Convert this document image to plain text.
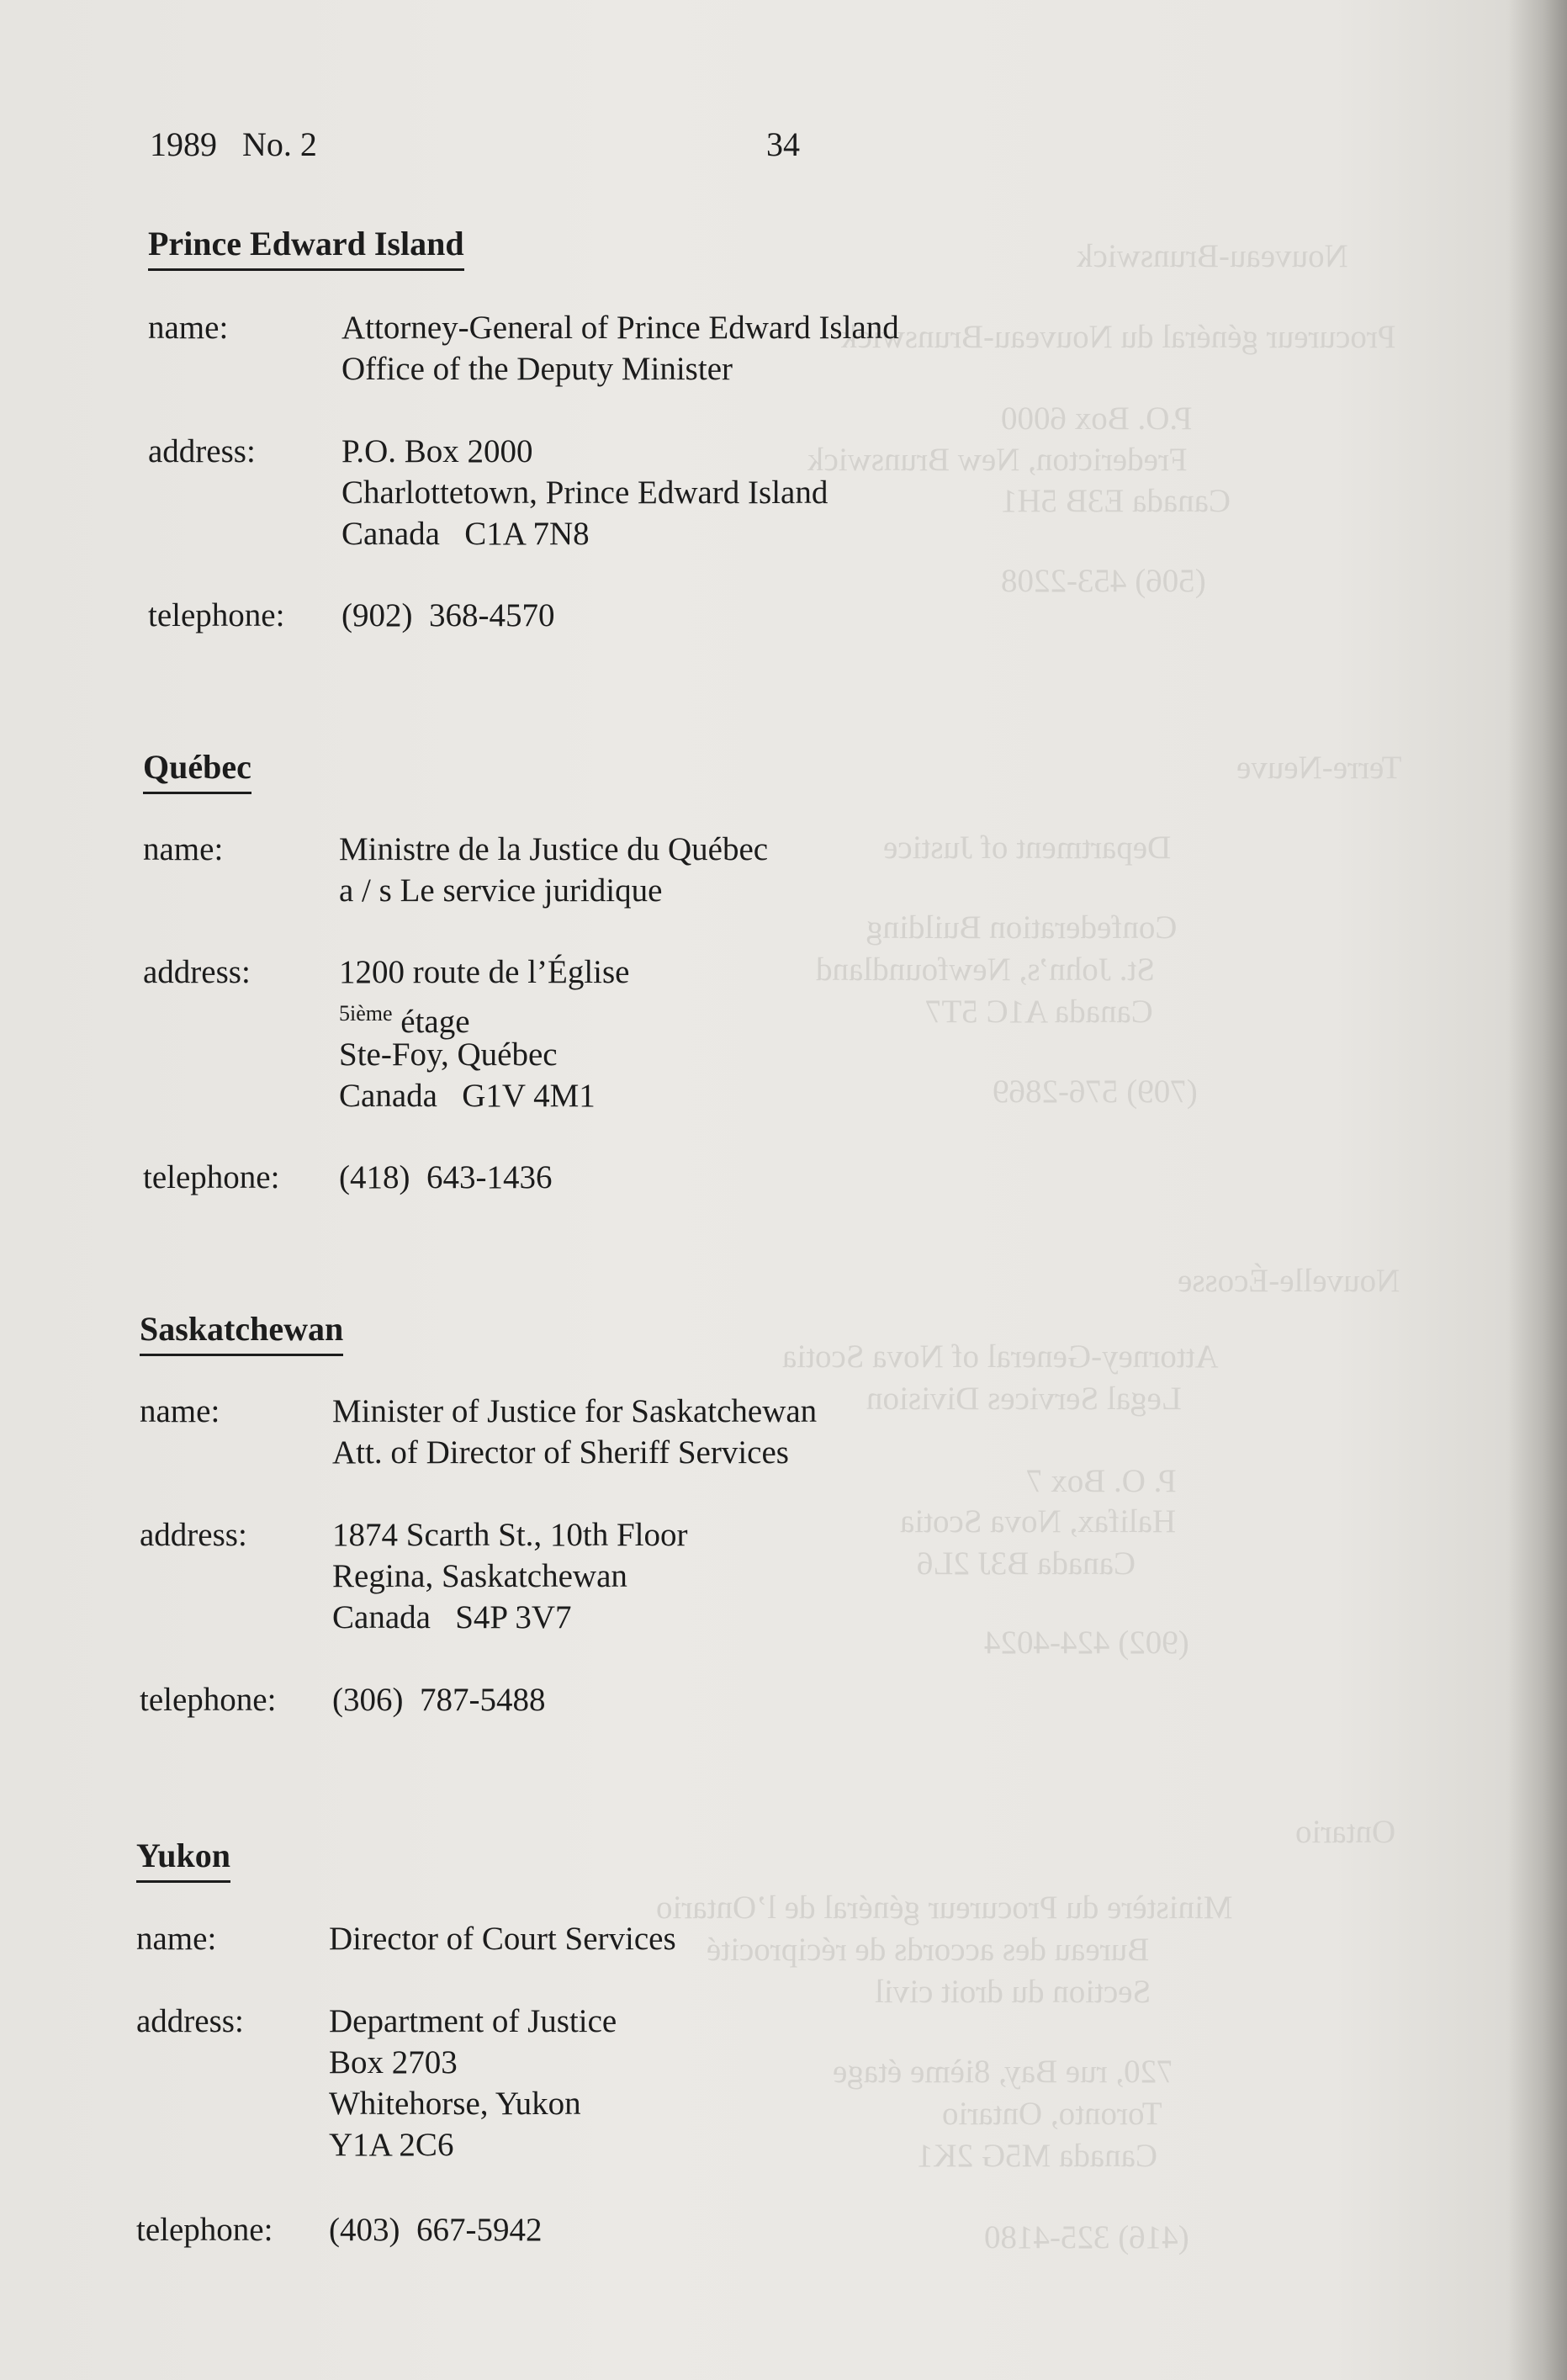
Nouveau-Brunswick
Procureur général du Nouveau-Brunswick
P.O. Box 6000
Fredericton, New Brunswick
Canada E3B 5H1
(506) 453-2208
Terre-Neuve
Department of Justice
Confederation Building
St. John’s, Newfoundland
Canada A1C 5T7
(709) 576-2869
Nouvelle-Écosse
Attorney-General of Nova Scotia
Legal Services Division
P. O. Box 7
Halifax, Nova Scotia
Canada B3J 2L6
(902) 424-4024
Ontario
Ministère du Procureur général de l’Ontario
Bureau des accords de réciprocité
Section du droit civil
720, rue Bay, 8ième étage
Toronto, Ontario
Canada M5G 2K1
(416) 325-4180
1989   No. 2	34
Prince Edward Island
name:	Attorney-General of Prince Edward Island
Office of the Deputy Minister
address:	P.O. Box 2000
Charlottetown, Prince Edward Island
Canada   C1A 7N8
telephone: (902)  368-4570
Québec
name:	Ministre de la Justice du Québec
a / s Le service juridique
address:	1200 route de l’Église
$^{5ième}$ étage
Ste-Foy, Québec
Canada   G1V 4M1
telephone: (418)  643-1436
Saskatchewan
name:	Minister of Justice for Saskatchewan
Att. of Director of Sheriff Services
address:	1874 Scarth St., 10th Floor
Regina, Saskatchewan
Canada   S4P 3V7
telephone: (306)  787-5488
Yukon
name:	Director of Court Services
address:	Department of Justice
Box 2703
Whitehorse, Yukon
Y1A 2C6
telephone: (403)  667-5942
